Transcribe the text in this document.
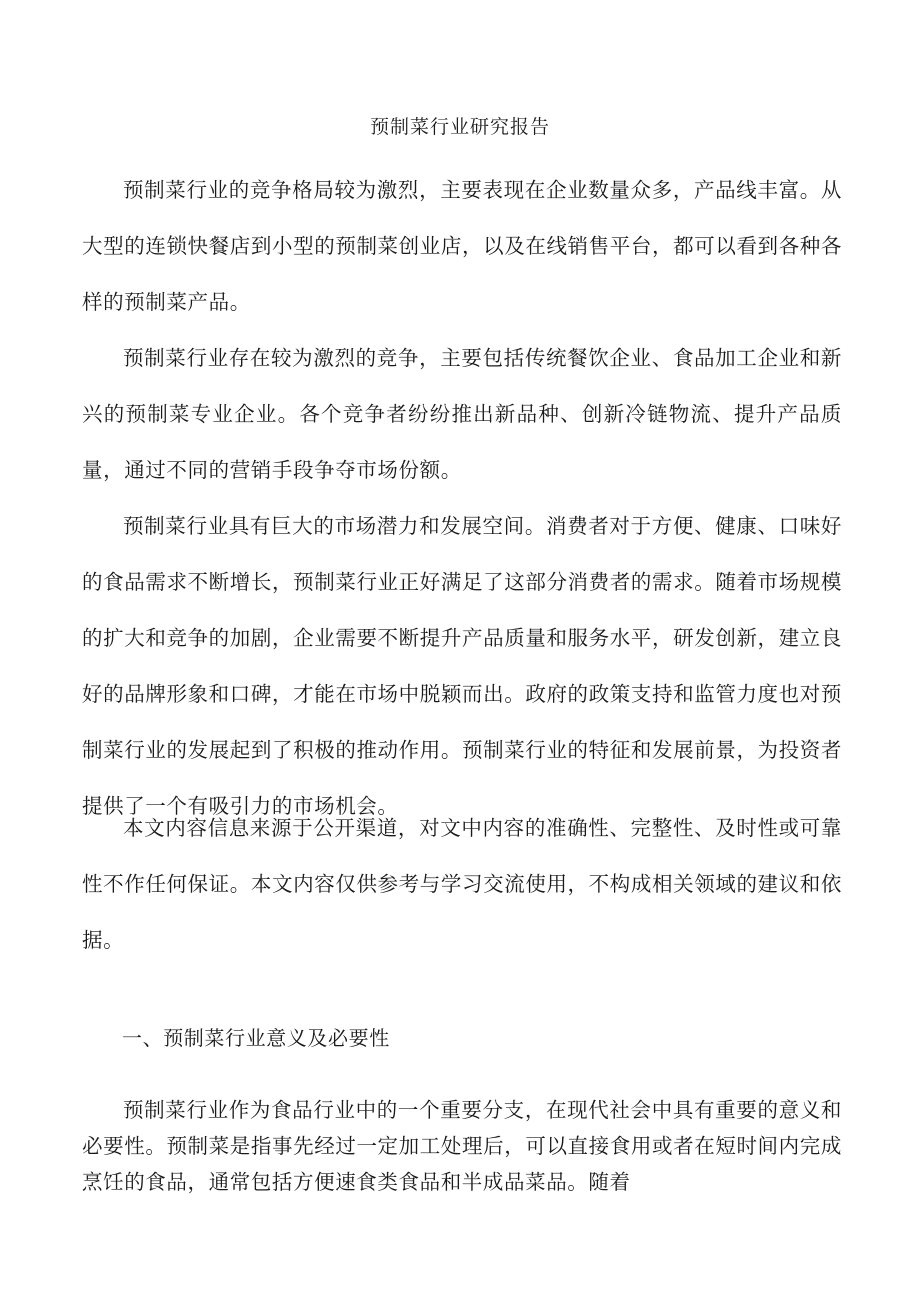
预制菜行业研究报告

预制菜行业的竞争格局较为激烈，主要表现在企业数量众多，产品线丰富。从大型的连锁快餐店到小型的预制菜创业店，以及在线销售平台，都可以看到各种各样的预制菜产品。

预制菜行业存在较为激烈的竞争，主要包括传统餐饮企业、食品加工企业和新兴的预制菜专业企业。各个竞争者纷纷推出新品种、创新冷链物流、提升产品质量，通过不同的营销手段争夺市场份额。

预制菜行业具有巨大的市场潜力和发展空间。消费者对于方便、健康、口味好的食品需求不断增长，预制菜行业正好满足了这部分消费者的需求。随着市场规模的扩大和竞争的加剧，企业需要不断提升产品质量和服务水平，研发创新，建立良好的品牌形象和口碑，才能在市场中脱颖而出。政府的政策支持和监管力度也对预制菜行业的发展起到了积极的推动作用。预制菜行业的特征和发展前景，为投资者提供了一个有吸引力的市场机会。

本文内容信息来源于公开渠道，对文中内容的准确性、完整性、及时性或可靠性不作任何保证。本文内容仅供参考与学习交流使用，不构成相关领域的建议和依据。

一、预制菜行业意义及必要性

预制菜行业作为食品行业中的一个重要分支，在现代社会中具有重要的意义和必要性。预制菜是指事先经过一定加工处理后，可以直接食用或者在短时间内完成烹饪的食品，通常包括方便速食类食品和半成品菜品。随着
